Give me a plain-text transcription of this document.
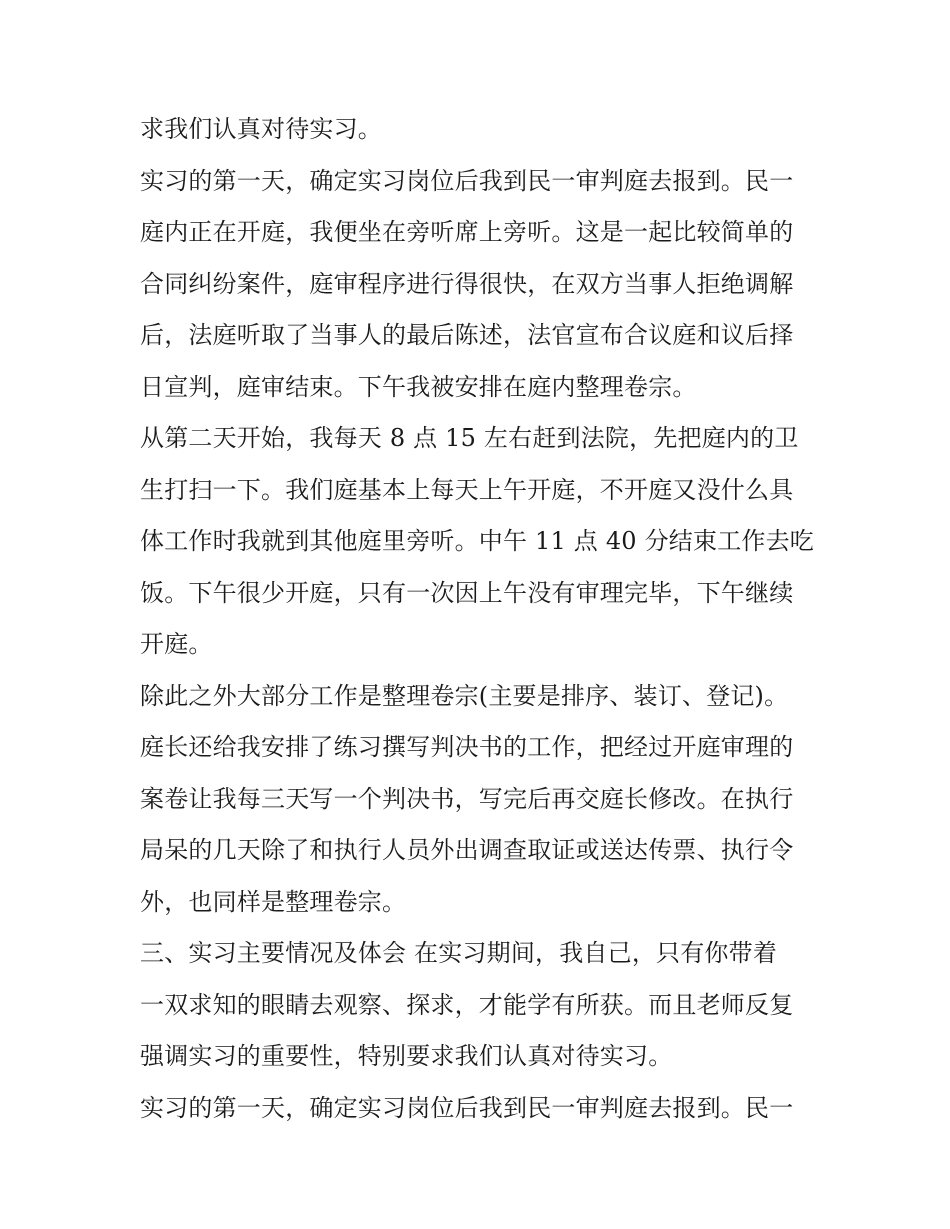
求我们认真对待实习。

实习的第一天，确定实习岗位后我到民一审判庭去报到。民一
庭内正在开庭，我便坐在旁听席上旁听。这是一起比较简单的
合同纠纷案件，庭审程序进行得很快，在双方当事人拒绝调解
后，法庭听取了当事人的最后陈述，法官宣布合议庭和议后择
日宣判，庭审结束。下午我被安排在庭内整理卷宗。

从第二天开始，我每天 8 点 15 左右赶到法院，先把庭内的卫
生打扫一下。我们庭基本上每天上午开庭，不开庭又没什么具
体工作时我就到其他庭里旁听。中午 11 点 40 分结束工作去吃
饭。下午很少开庭，只有一次因上午没有审理完毕，下午继续
开庭。

除此之外大部分工作是整理卷宗(主要是排序、装订、登记)。
庭长还给我安排了练习撰写判决书的工作，把经过开庭审理的
案卷让我每三天写一个判决书，写完后再交庭长修改。在执行
局呆的几天除了和执行人员外出调查取证或送达传票、执行令
外，也同样是整理卷宗。

三、实习主要情况及体会 在实习期间，我自己，只有你带着
一双求知的眼睛去观察、探求，才能学有所获。而且老师反复
强调实习的重要性，特别要求我们认真对待实习。

实习的第一天，确定实习岗位后我到民一审判庭去报到。民一
